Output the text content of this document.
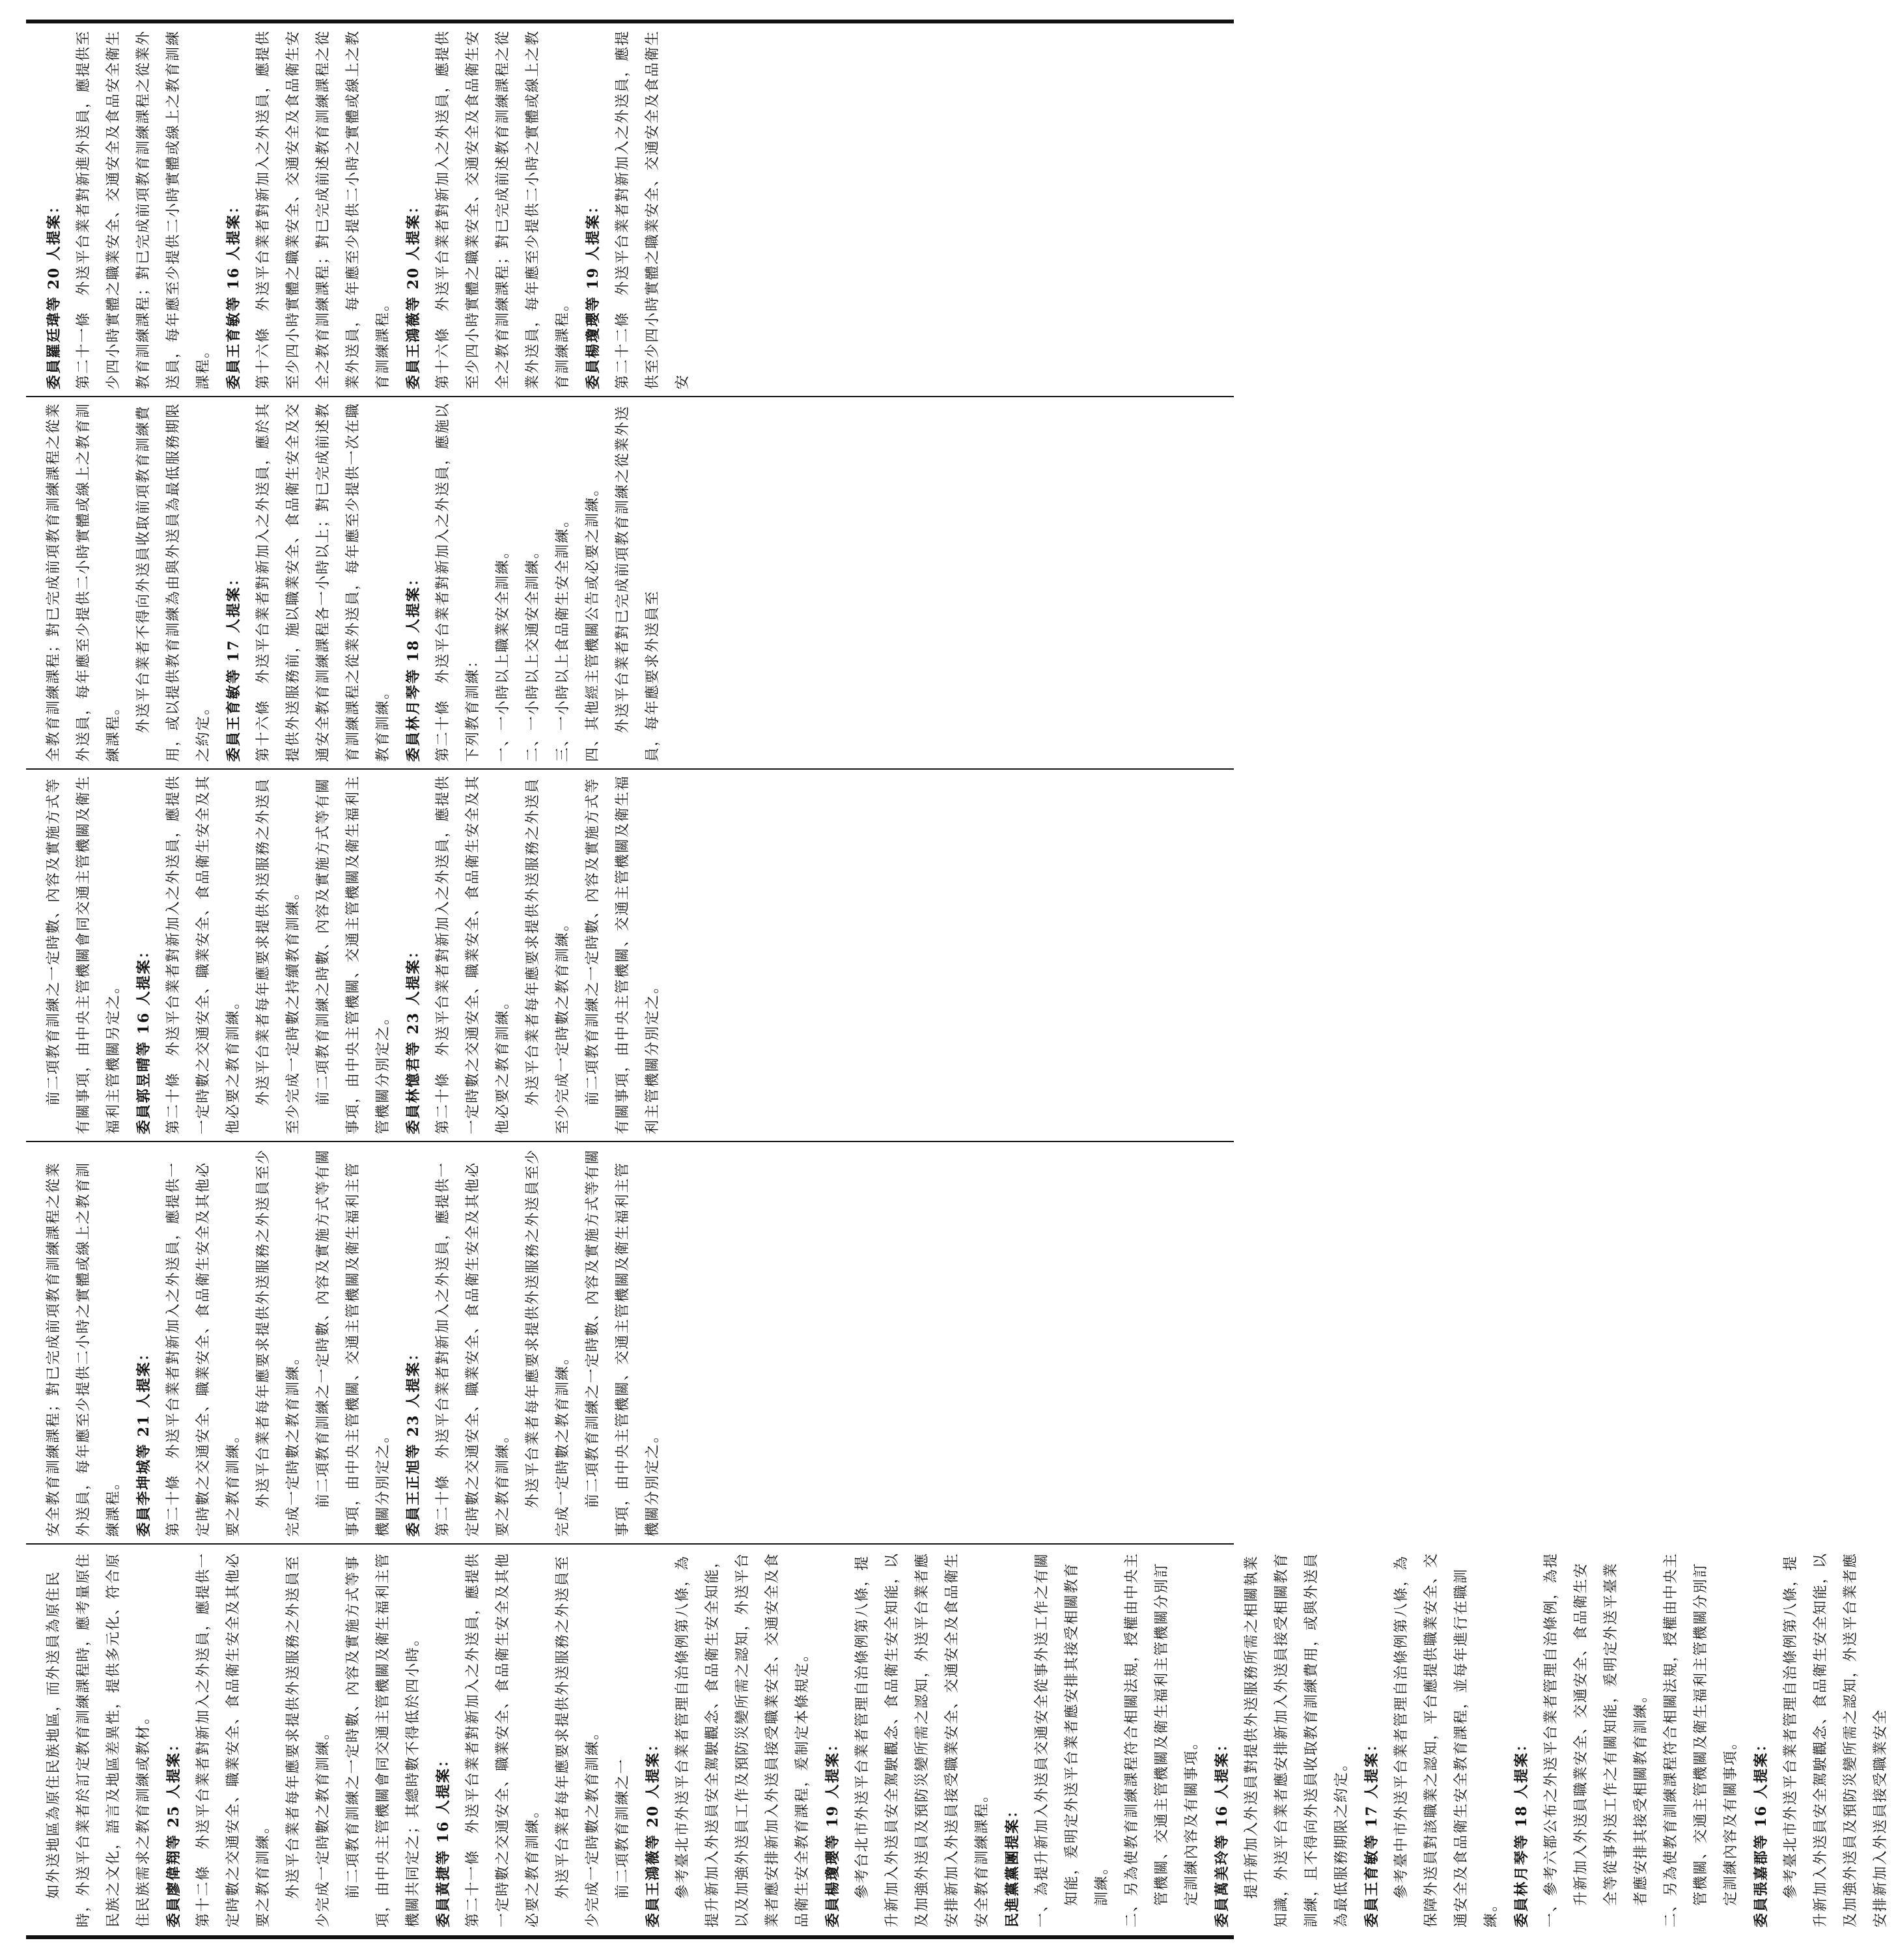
委員羅廷瑋等 20 人提案： 第二十一條　外送平台業者對新進外送員，應提供至少四小時實體之職業安全、交通安全及食品安全衛生教育訓練課程；對已完成前項教育訓練課程之從業外送員，每年應至少提供二小時實體或線上之教育訓練課程。 委員王育敏等 16 人提案： 第十六條　外送平台業者對新加入之外送員，應提供至少四小時實體之職業安全、交通安全及食品衛生安全之教育訓練課程；對已完成前述教育訓練課程之從業外送員，每年應至少提供二小時之實體或線上之教育訓練課程。 委員王鴻薇等 20 人提案： 第十六條　外送平台業者對新加入之外送員，應提供至少四小時實體之職業安全、交通安全及食品衛生安全之教育訓練課程；對已完成前述教育訓練課程之從業外送員，每年應至少提供二小時之實體或線上之教育訓練課程。 委員楊瓊瓔等 19 人提案： 第二十二條　外送平台業者對新加入之外送員，應提供至少四小時實體之職業安全、交通安全及食品衛生安

全教育訓練課程；對已完成前項教育訓練課程之從業外送員，每年應至少提供二小時實體或線上之教育訓練課程。 外送平台業者不得向外送員收取前項教育訓練費用，或以提供教育訓練為由與外送員為最低服務期限之約定。 委員王育敏等 17 人提案： 第十六條　外送平台業者對新加入之外送員，應於其提供外送服務前，施以職業安全、食品衛生安全及交通安全教育訓練課程各一小時以上；對已完成前述教育訓練課程之從業外送員，每年應至少提供一次在職教育訓練。 委員林月琴等 18 人提案： 第二十條　外送平台業者對新加入之外送員，應施以下列教育訓練： 一、一小時以上職業安全訓練。 二、一小時以上交通安全訓練。 三、一小時以上食品衛生安全訓練。 四、其他經主管機關公告或必要之訓練。 外送平台業者對已完成前項教育訓練之從業外送員，每年應要求外送員至

前二項教育訓練之一定時數、內容及實施方式等有關事項，由中央主管機關會同交通主管機關及衛生福利主管機關另定之。 委員郭昱晴等 16 人提案： 第二十條　外送平台業者對新加入之外送員，應提供一定時數之交通安全、職業安全、食品衛生安全及其他必要之教育訓練。 外送平台業者每年應要求提供外送服務之外送員至少完成一定時數之持續教育訓練。 前二項教育訓練之時數、內容及實施方式等有關事項，由中央主管機關、交通主管機關及衛生福利主管機關分別定之。 委員林憶君等 23 人提案： 第二十條　外送平台業者對新加入之外送員，應提供一定時數之交通安全、職業安全、食品衛生安全及其他必要之教育訓練。 外送平台業者每年應要求提供外送服務之外送員至少完成一定時數之教育訓練。 前二項教育訓練之一定時數、內容及實施方式等有關事項，由中央主管機關、交通主管機關及衛生福利主管機關分別定之。

安全教育訓練課程；對已完成前項教育訓練課程之從業外送員，每年應至少提供二小時之實體或線上之教育訓練課程。 委員李坤城等 21 人提案： 第二十條　外送平台業者對新加入之外送員，應提供一定時數之交通安全、職業安全、食品衛生安全及其他必要之教育訓練。 外送平台業者每年應要求提供外送服務之外送員至少完成一定時數之教育訓練。 前二項教育訓練之一定時數、內容及實施方式等有關事項，由中央主管機關、交通主管機關及衛生福利主管機關分別定之。 委員王正旭等 23 人提案： 第二十條　外送平台業者對新加入之外送員，應提供一定時數之交通安全、職業安全、食品衛生安全及其他必要之教育訓練。 外送平台業者每年應要求提供外送服務之外送員至少完成一定時數之教育訓練。 前二項教育訓練之一定時數、內容及實施方式等有關事項，由中央主管機關、交通主管機關及衛生福利主管機關分別定之。

如外送地區為原住民族地區，而外送員為原住民時，外送平台業者於訂定教育訓練課程時，應考量原住民族之文化，語言及地區差異性，提供多元化、符合原住民族需求之教育訓練或教材。 委員廖偉翔等 25 人提案： 第十二條　外送平台業者對新加入之外送員，應提供一定時數之交通安全、職業安全、食品衛生安全及其他必要之教育訓練。 外送平台業者每年應要求提供外送服務之外送員至少完成一定時數之教育訓練。 前二項教育訓練之一定時數、內容及實施方式等事項，由中央主管機關會同交通主管機關及衛生福利主管機關共同定之；其總時數不得低於四小時。 委員黃捷等 16 人提案： 第二十一條　外送平台業者對新加入之外送員，應提供一定時數之交通安全、職業安全、食品衛生安全及其他必要之教育訓練。 外送平台業者每年應要求提供外送服務之外送員至少完成一定時數之教育訓練。 前二項教育訓練之一 委員王鴻薇等 20 人提案： 參考臺北市外送平台業者管理自治條例第八條，為提升新加入外送員安全駕駛觀念、食品衛生安全知能，以及加強外送員工作及預防災變所需之認知，外送平台業者應安排新加入外送員接受職業安全、交通安全及食品衛生安全教育課程，爰制定本條規定。 委員楊瓊瓔等 19 人提案： 參考台北市外送平台業者管理自治條例第八條，提升新加入外送員安全駕駛觀念、食品衛生安全知能，以及加強外送員及預防災變所需之認知，外送平台業者應安排新加入外送員接受職業安全、交通安全及食品衛生安全教育訓練課程。 民進黨黨團提案： 一、為提升新加入外送員交通安全從事外送工作之有關知能，爰明定外送平台業者應安排其接受相關教育訓練。 二、另為使教育訓練課程符合相關法規，授權由中央主管機關、交通主管機關及衛生福利主管機關分別訂定訓練內容及有關事項。 委員萬美玲等 16 人提案： 提升新加入外送員對提供外送服務所需之相關執業知識，外送平台業者應安排新加入外送員接受相關教育訓練，且不得向外送員收取教育訓練費用，或與外送員為最低服務期限之約定。 委員王育敏等 17 人提案： 參考臺中市外送平台業者管理自治條例第八條，為保障外送員對該職業之認知，平台應提供職業安全、交通安全及食品衛生安全教育課程，並每年進行在職訓練。 委員林月琴等 18 人提案： 一、參考六都公布之外送平台業者管理自治條例，為提升新加入外送員職業安全、交通安全、食品衛生安全等從事外送工作之有關知能，爰明定外送平臺業者應安排其接受相關教育訓練。 二、另為使教育訓練課程符合相關法規，授權由中央主管機關、交通主管機關及衛生福利主管機關分別訂定訓練內容及有關事項。 委員張嘉郡等 16 人提案： 參考臺北市外送平台業者管理自治條例第八條，提升新加入外送員安全駕駛觀念、食品衛生安全知能，以及加強外送員及預防災變所需之認知，外送平台業者應安排新加入外送員接受職業安全
